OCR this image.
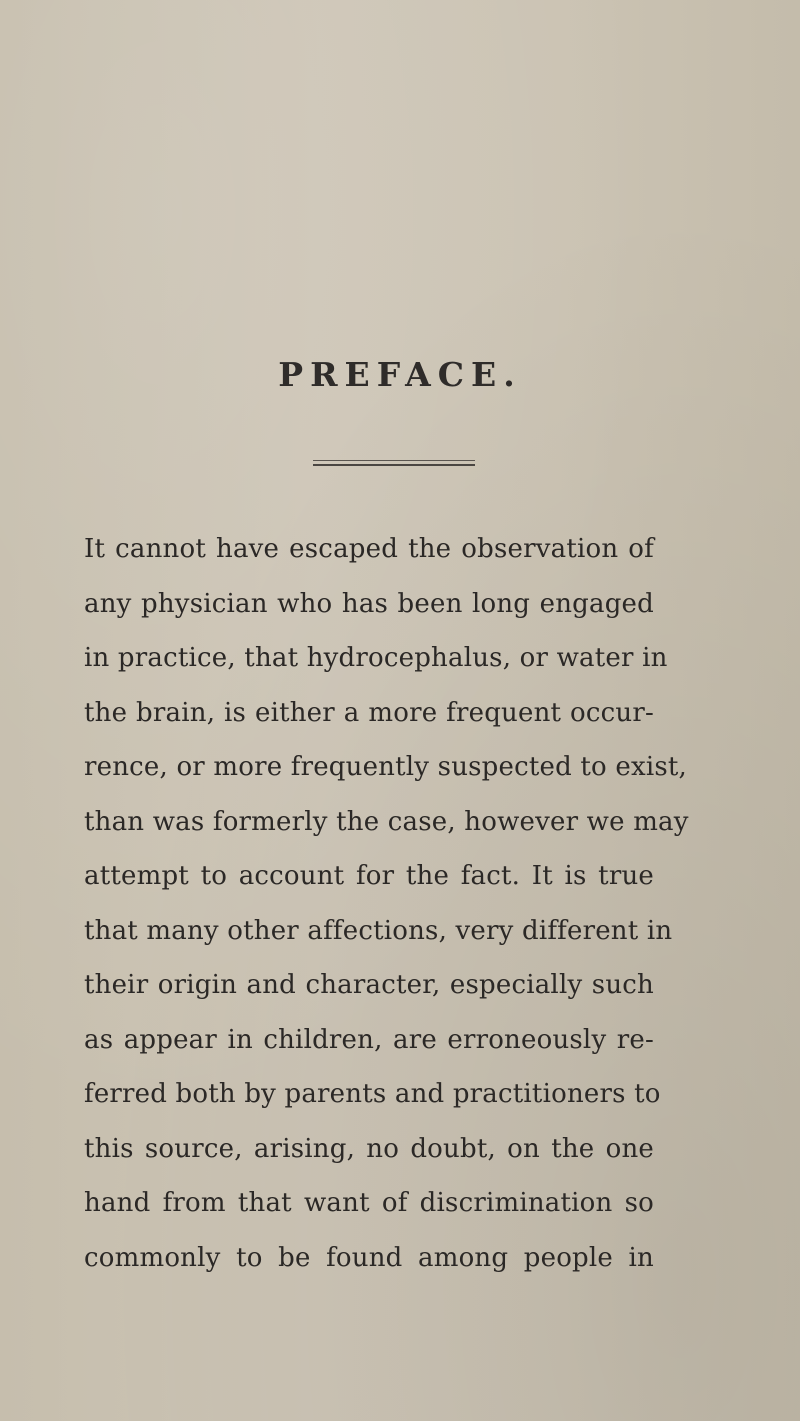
PREFACE.
It cannot have escaped the observation of
any physician who has been long engaged
in practice, that hydrocephalus, or water in
the brain, is either a more frequent occur-
rence, or more frequently suspected to exist,
than was formerly the case, however we may
attempt to account for the fact. It is true
that many other affections, very different in
their origin and character, especially such
as appear in children, are erroneously re-
ferred both by parents and practitioners to
this source, arising, no doubt, on the one
hand from that want of discrimination so
commonly to be found among people in
